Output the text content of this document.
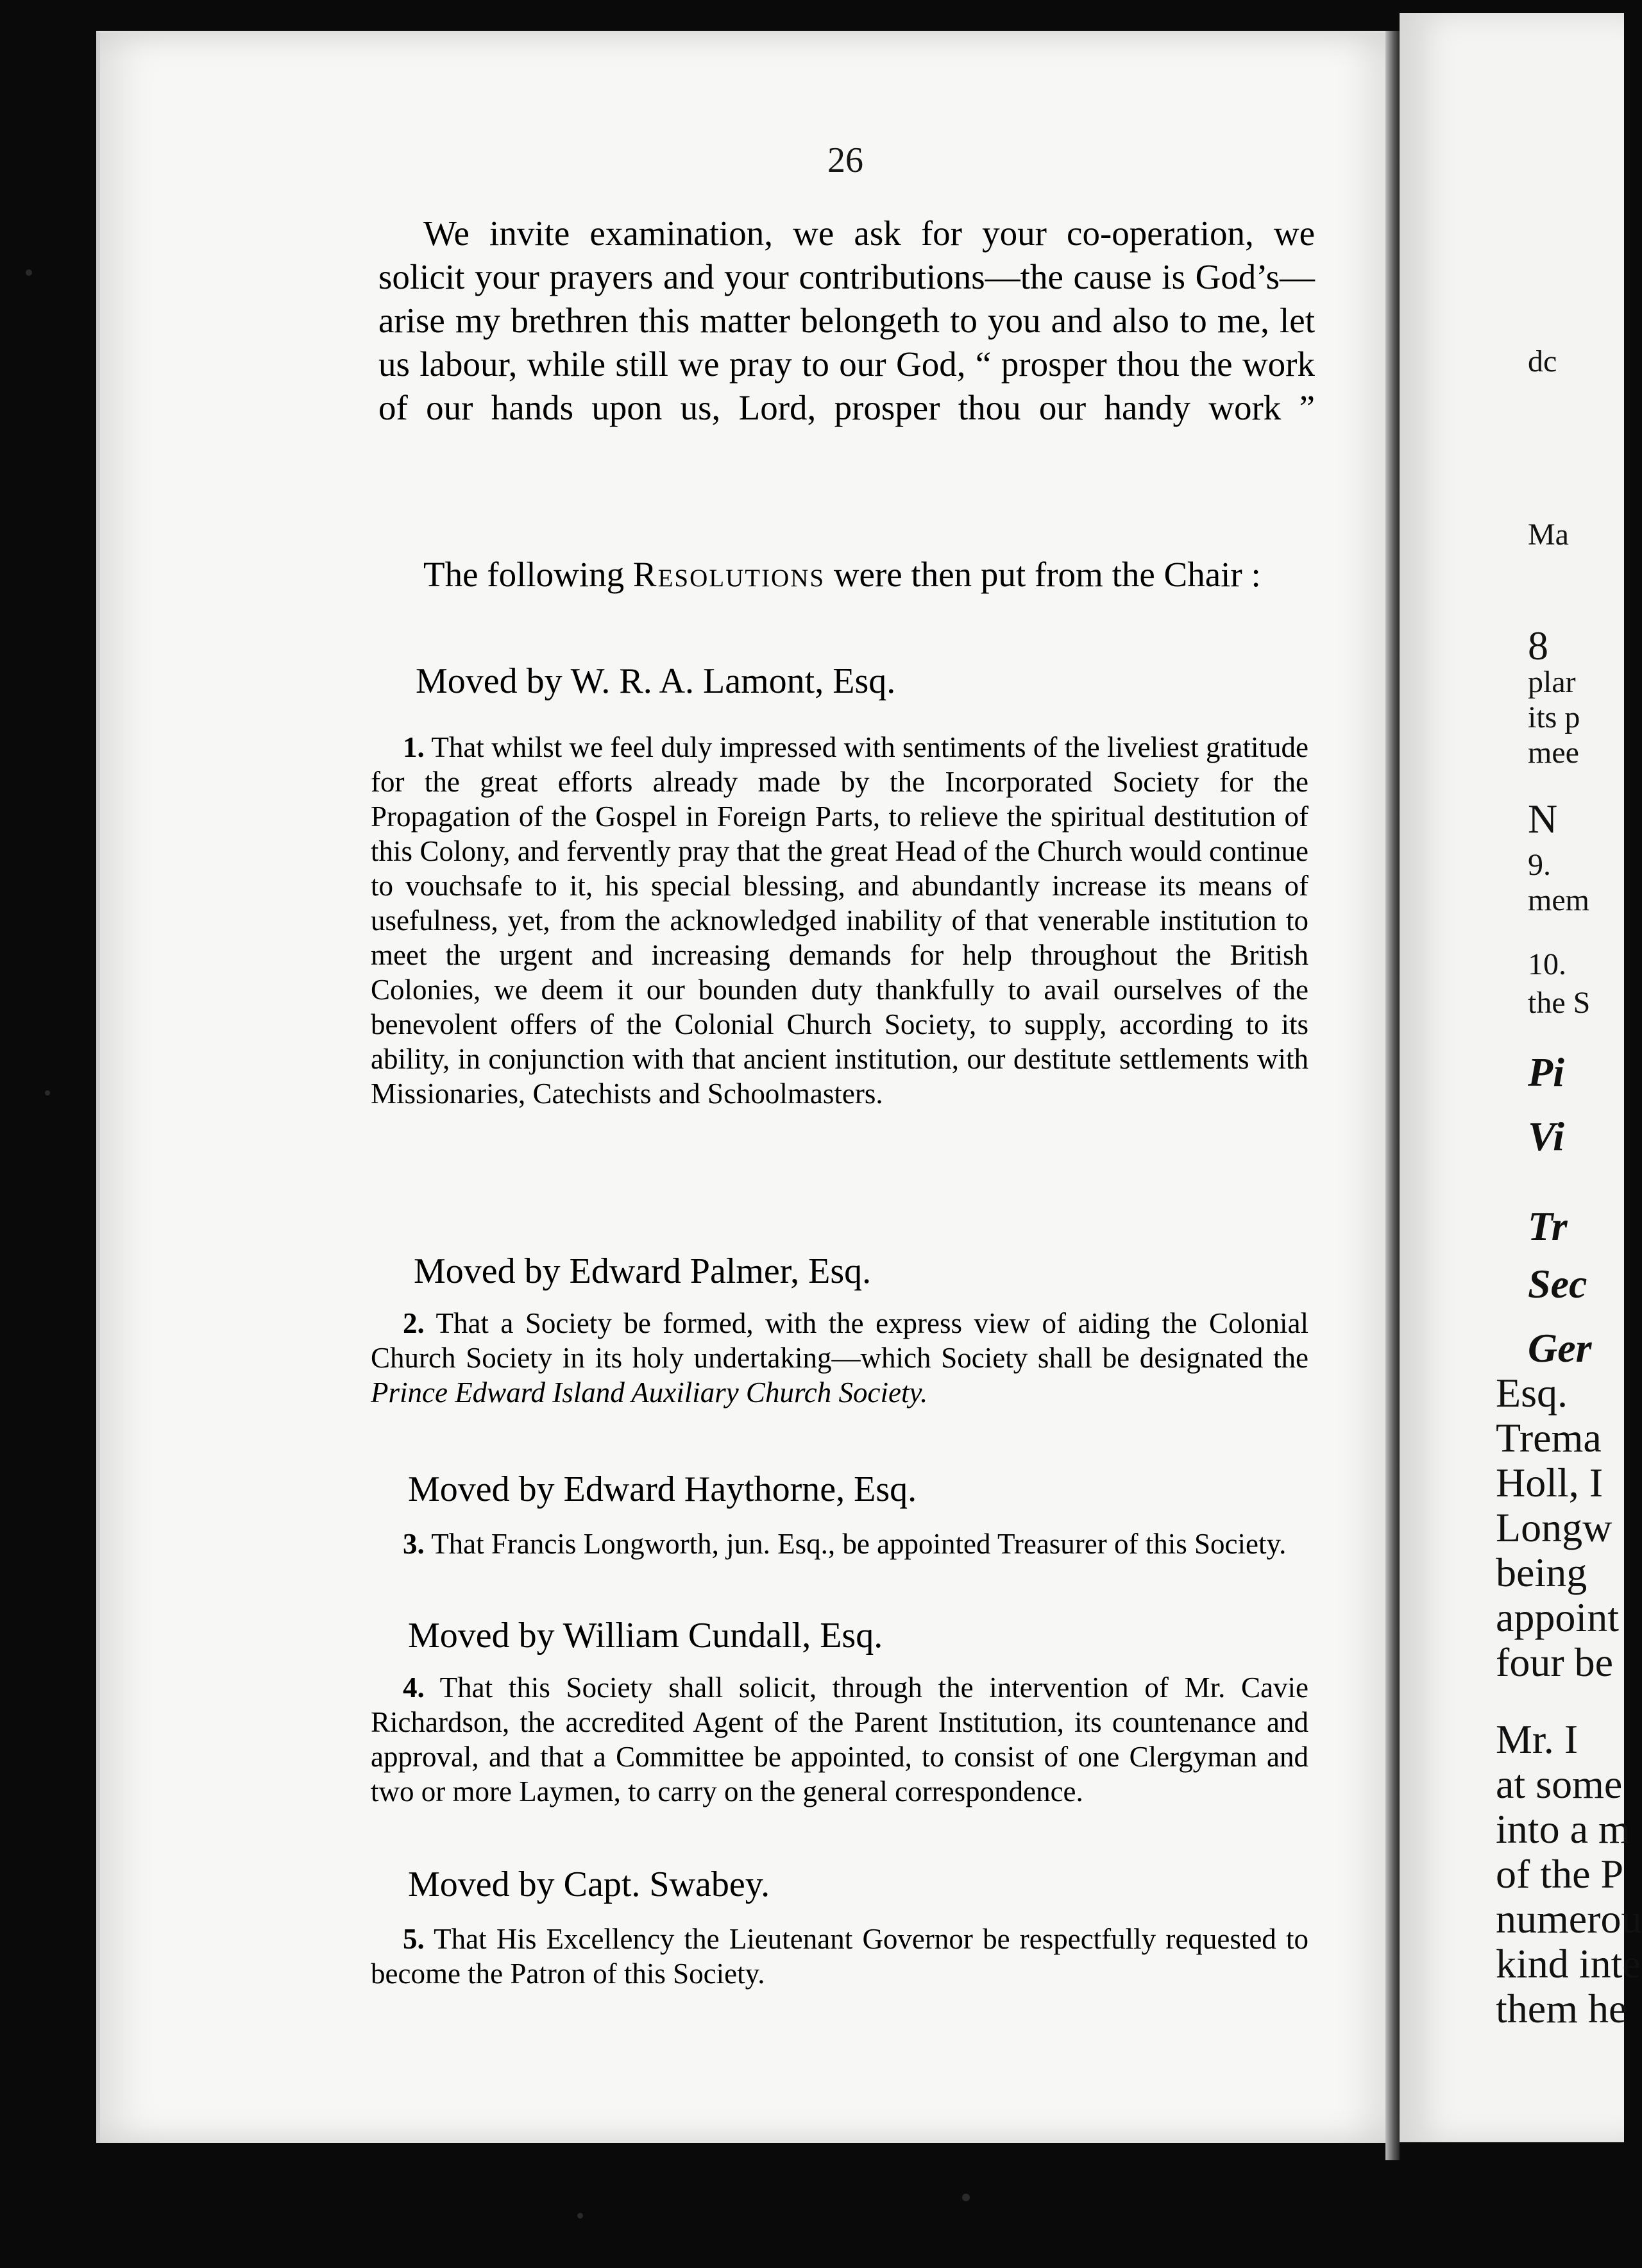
dc
Ma
8
plar
its p
mee
N
9.
mem
10.
the S
Pi
Vi
Tr
Sec
Ger
Esq.
Trema
Holl, I
Longw
being
appoint
four be
Mr. I
at some
into a m
of the P
numerou
kind inte
them he
26

We invite examination, we ask for your co-operation, we solicit your prayers and your contributions—the cause is God’s—arise my brethren this matter belongeth to you and also to me, let us labour, while still we pray to our God, “ prosper thou the work of our hands upon us, Lord, prosper thou our handy work ”

The following Resolutions were then put from the Chair :

Moved by W. R. A. Lamont, Esq.

1. That whilst we feel duly impressed with sentiments of the liveliest gratitude for the great efforts already made by the Incorporated Society for the Propagation of the Gospel in Foreign Parts, to relieve the spiritual destitution of this Colony, and fervently pray that the great Head of the Church would continue to vouchsafe to it, his special blessing, and abundantly increase its means of usefulness, yet, from the acknowledged inability of that venerable institution to meet the urgent and increasing demands for help throughout the British Colonies, we deem it our bounden duty thankfully to avail ourselves of the benevolent offers of the Colonial Church Society, to supply, according to its ability, in conjunction with that ancient institution, our destitute settlements with Missionaries, Catechists and Schoolmasters.

Moved by Edward Palmer, Esq.

2. That a Society be formed, with the express view of aiding the Colonial Church Society in its holy undertaking—which Society shall be designated the Prince Edward Island Auxiliary Church Society.

Moved by Edward Haythorne, Esq.

3. That Francis Longworth, jun. Esq., be appointed Treasurer of this Society.

Moved by William Cundall, Esq.

4. That this Society shall solicit, through the intervention of Mr. Cavie Richardson, the accredited Agent of the Parent Institution, its countenance and approval, and that a Committee be appointed, to consist of one Clergyman and two or more Laymen, to carry on the general correspondence.

Moved by Capt. Swabey.

5. That His Excellency the Lieutenant Governor be respectfully requested to become the Patron of this Society.
